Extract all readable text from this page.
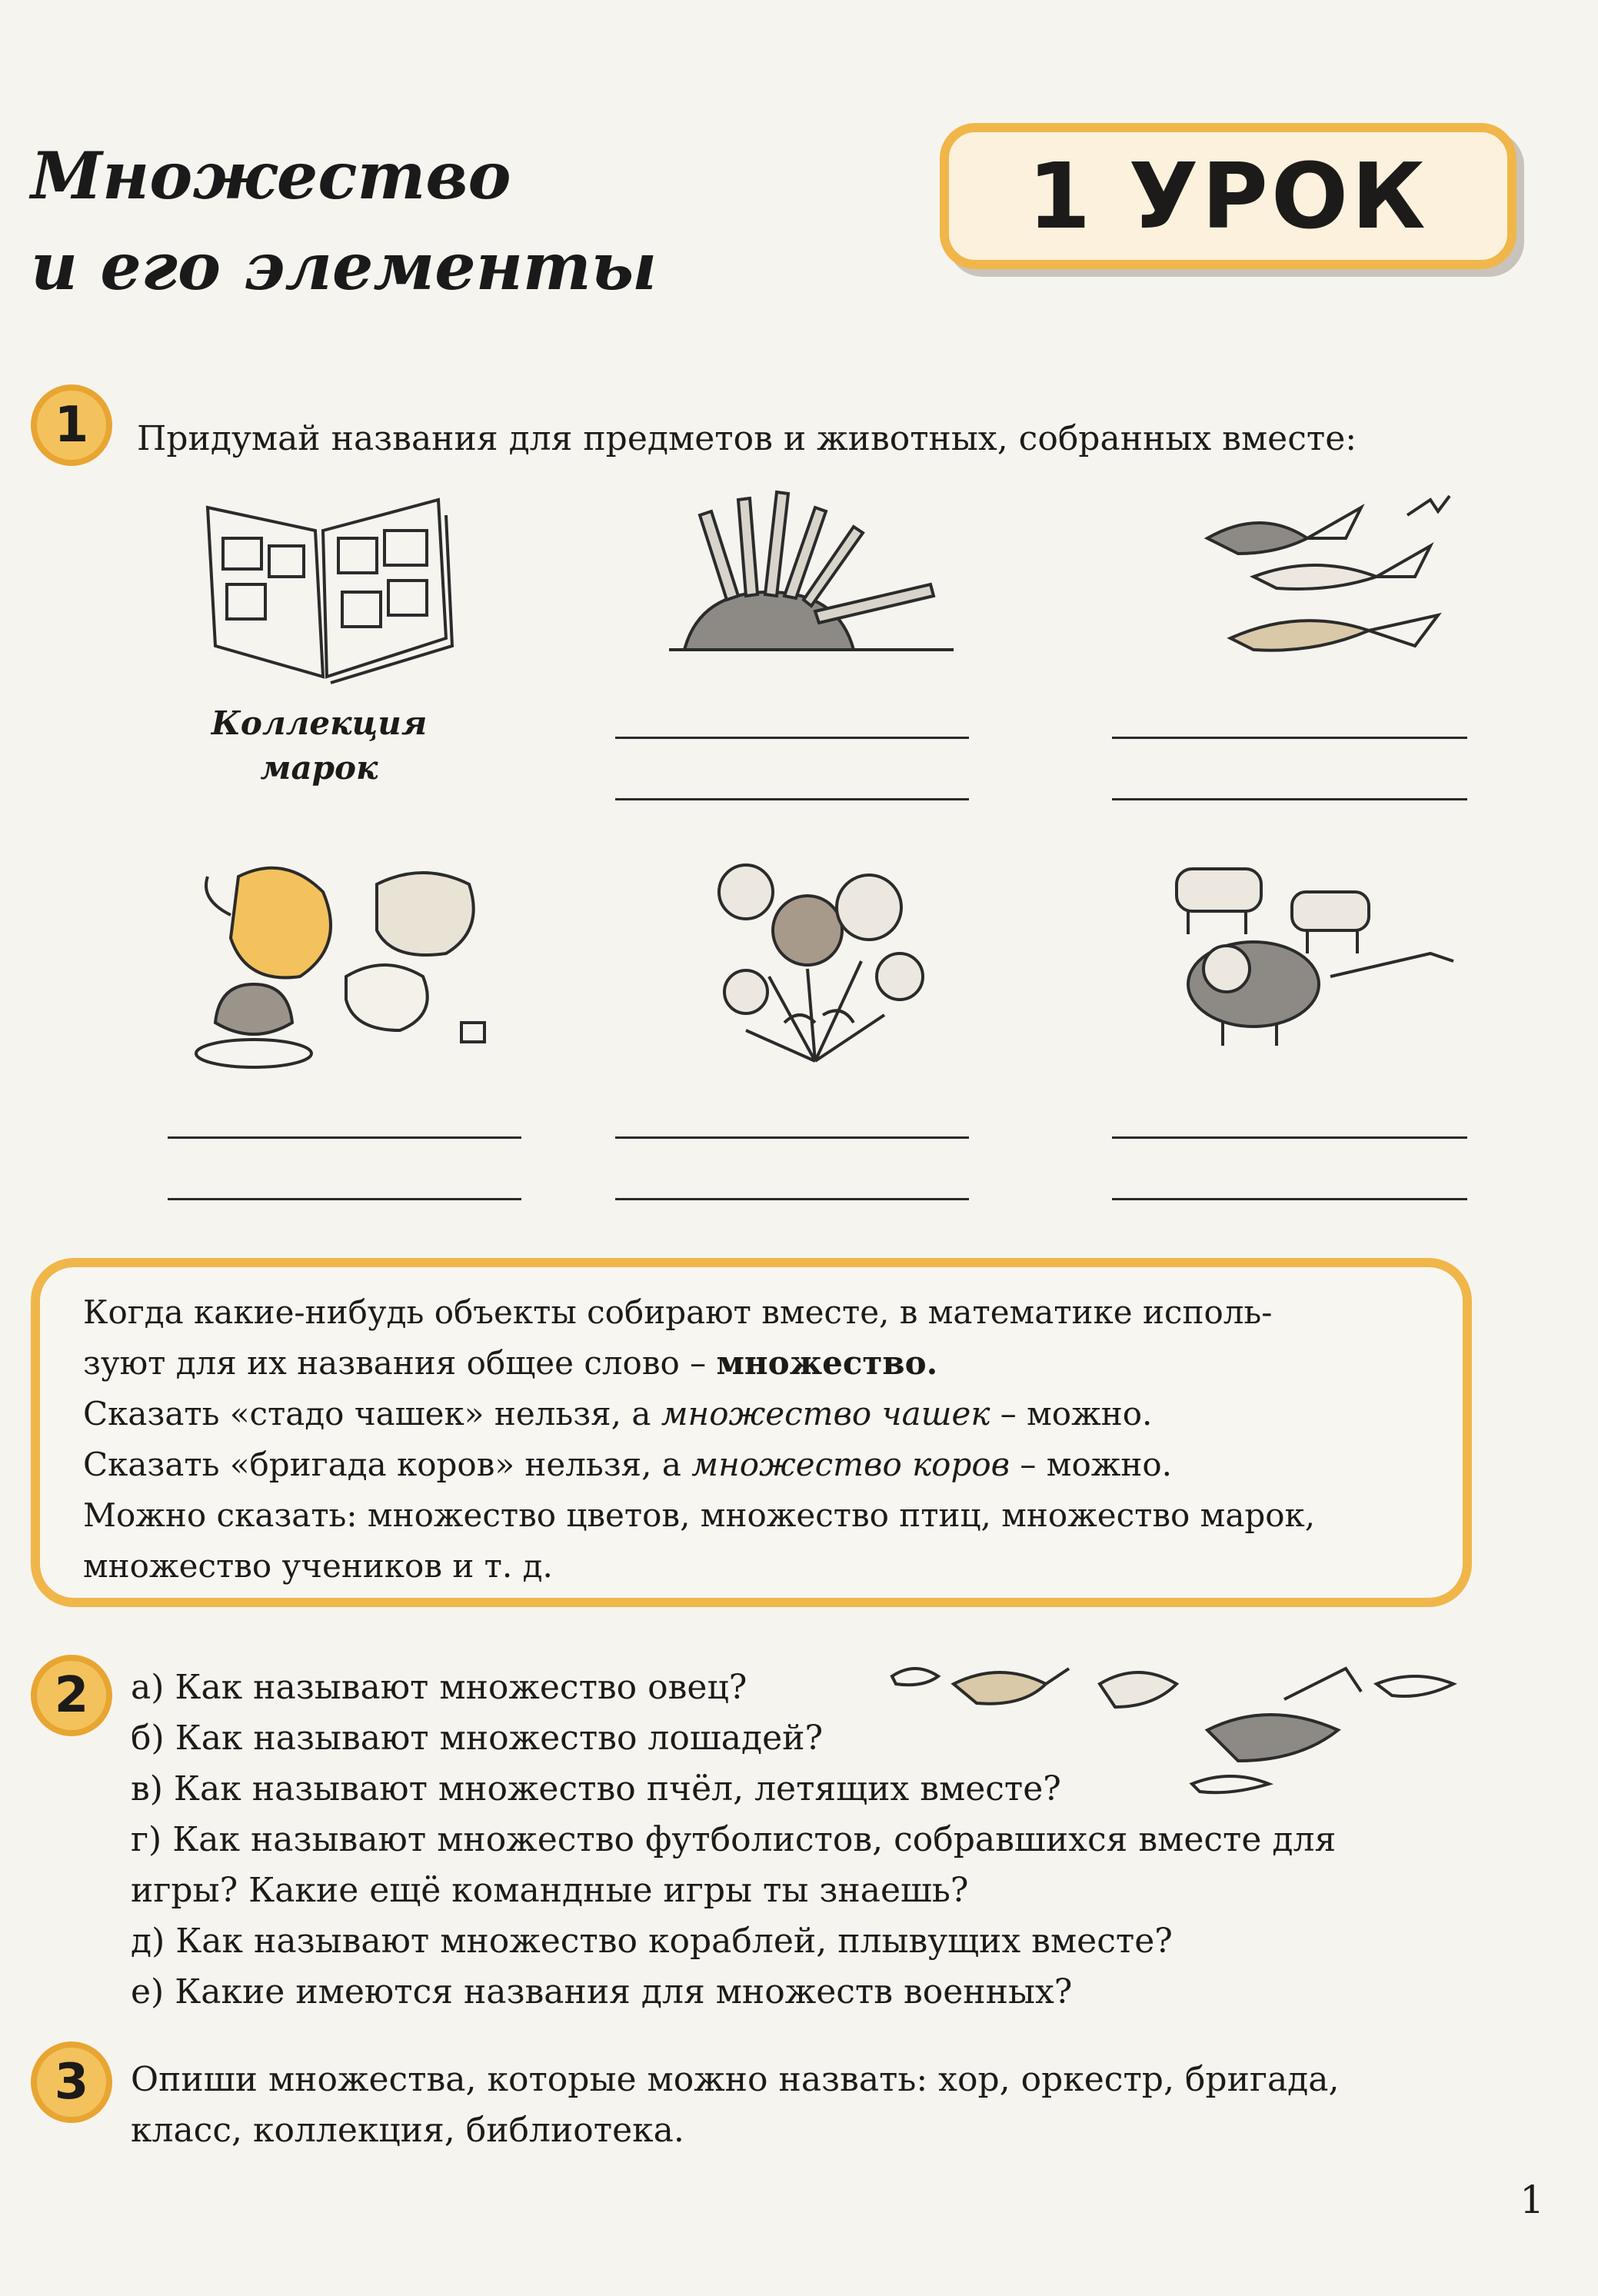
Множество
и его элементы
1 УРОК
1	Придумай названия для предметов и животных, собранных вместе:
Коллекция
марок

Когда какие-нибудь объекты собирают вместе, в математике исполь-
зуют для их названия общее слово – множество.

Сказать «стадо чашек» нельзя, а множество чашек – можно.

Сказать «бригада коров» нельзя, а множество коров – можно.

Можно сказать: множество цветов, множество птиц, множество марок,
множество учеников и т. д.

2	а) Как называют множество овец?
б) Как называют множество лошадей?
в) Как называют множество пчёл, летящих вместе?
г) Как называют множество футболистов, собравшихся вместе для
игры? Какие ещё командные игры ты знаешь?
д) Как называют множество кораблей, плывущих вместе?
е) Какие имеются названия для множеств военных?
3	Опиши множества, которые можно назвать: хор, оркестр, бригада,
класс, коллекция, библиотека.
1
